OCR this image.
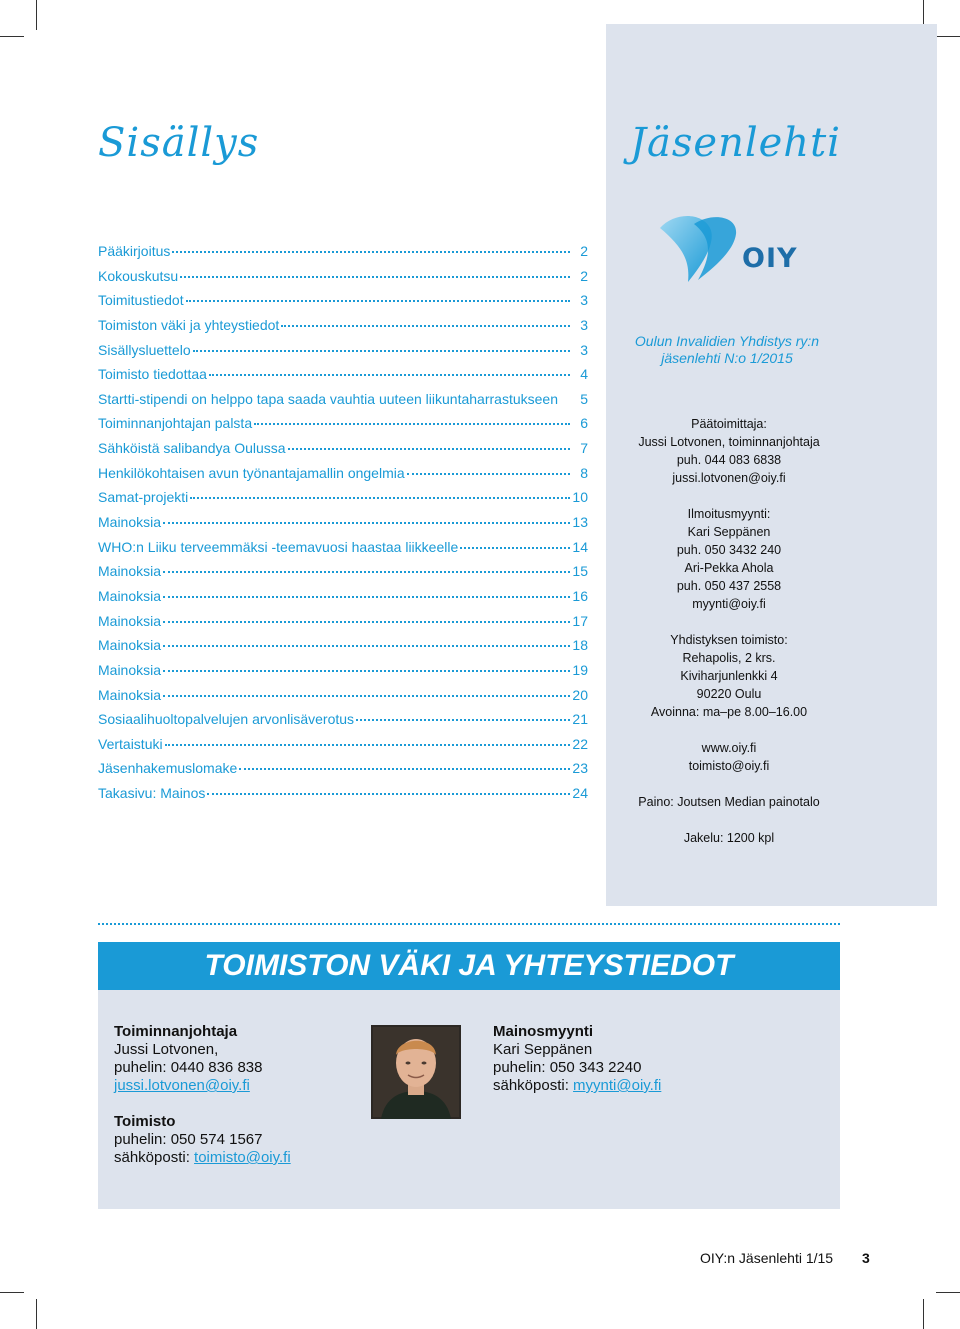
Sisällys
Pääkirjoitus	2
Kokouskutsu	2
Toimitustiedot	3
Toimiston väki ja yhteystiedot	3
Sisällysluettelo	3
Toimisto tiedottaa	4
Startti-stipendi on helppo tapa saada vauhtia uuteen liikuntaharrastukseen	5
Toiminnanjohtajan palsta	6
Sähköistä salibandya Oulussa	7
Henkilökohtaisen avun työnantajamallin ongelmia	8
Samat-projekti	10
Mainoksia	13
WHO:n Liiku terveemmäksi -teemavuosi haastaa liikkeelle	14
Mainoksia	15
Mainoksia	16
Mainoksia	17
Mainoksia	18
Mainoksia	19
Mainoksia	20
Sosiaalihuoltopalvelujen arvonlisäverotus	21
Vertaistuki	22
Jäsenhakemuslomake	23
Takasivu: Mainos	24
Jäsenlehti
OIY
Oulun Invalidien Yhdistys ry:n
jäsenlehti N:o 1/2015
Päätoimittaja:
Jussi Lotvonen, toiminnanjohtaja
puh. 044 083 6838
jussi.lotvonen@oiy.fi
Ilmoitusmyynti:
Kari Seppänen
puh. 050 3432 240
Ari-Pekka Ahola
puh. 050 437 2558
myynti@oiy.fi
Yhdistyksen toimisto:
Rehapolis, 2 krs.
Kiviharjunlenkki 4
90220 Oulu
Avoinna: ma–pe 8.00–16.00
www.oiy.fi
toimisto@oiy.fi
Paino: Joutsen Median painotalo
Jakelu: 1200 kpl
TOIMISTON VÄKI JA YHTEYSTIEDOT
Toiminnanjohtaja
Jussi Lotvonen,
puhelin: 0440 836 838
jussi.lotvonen@oiy.fi
Toimisto
puhelin: 050 574 1567
sähköposti: toimisto@oiy.fi
Mainosmyynti
Kari Seppänen
puhelin: 050 343 2240
sähköposti: myynti@oiy.fi
OIY:n Jäsenlehti 1/15 3
